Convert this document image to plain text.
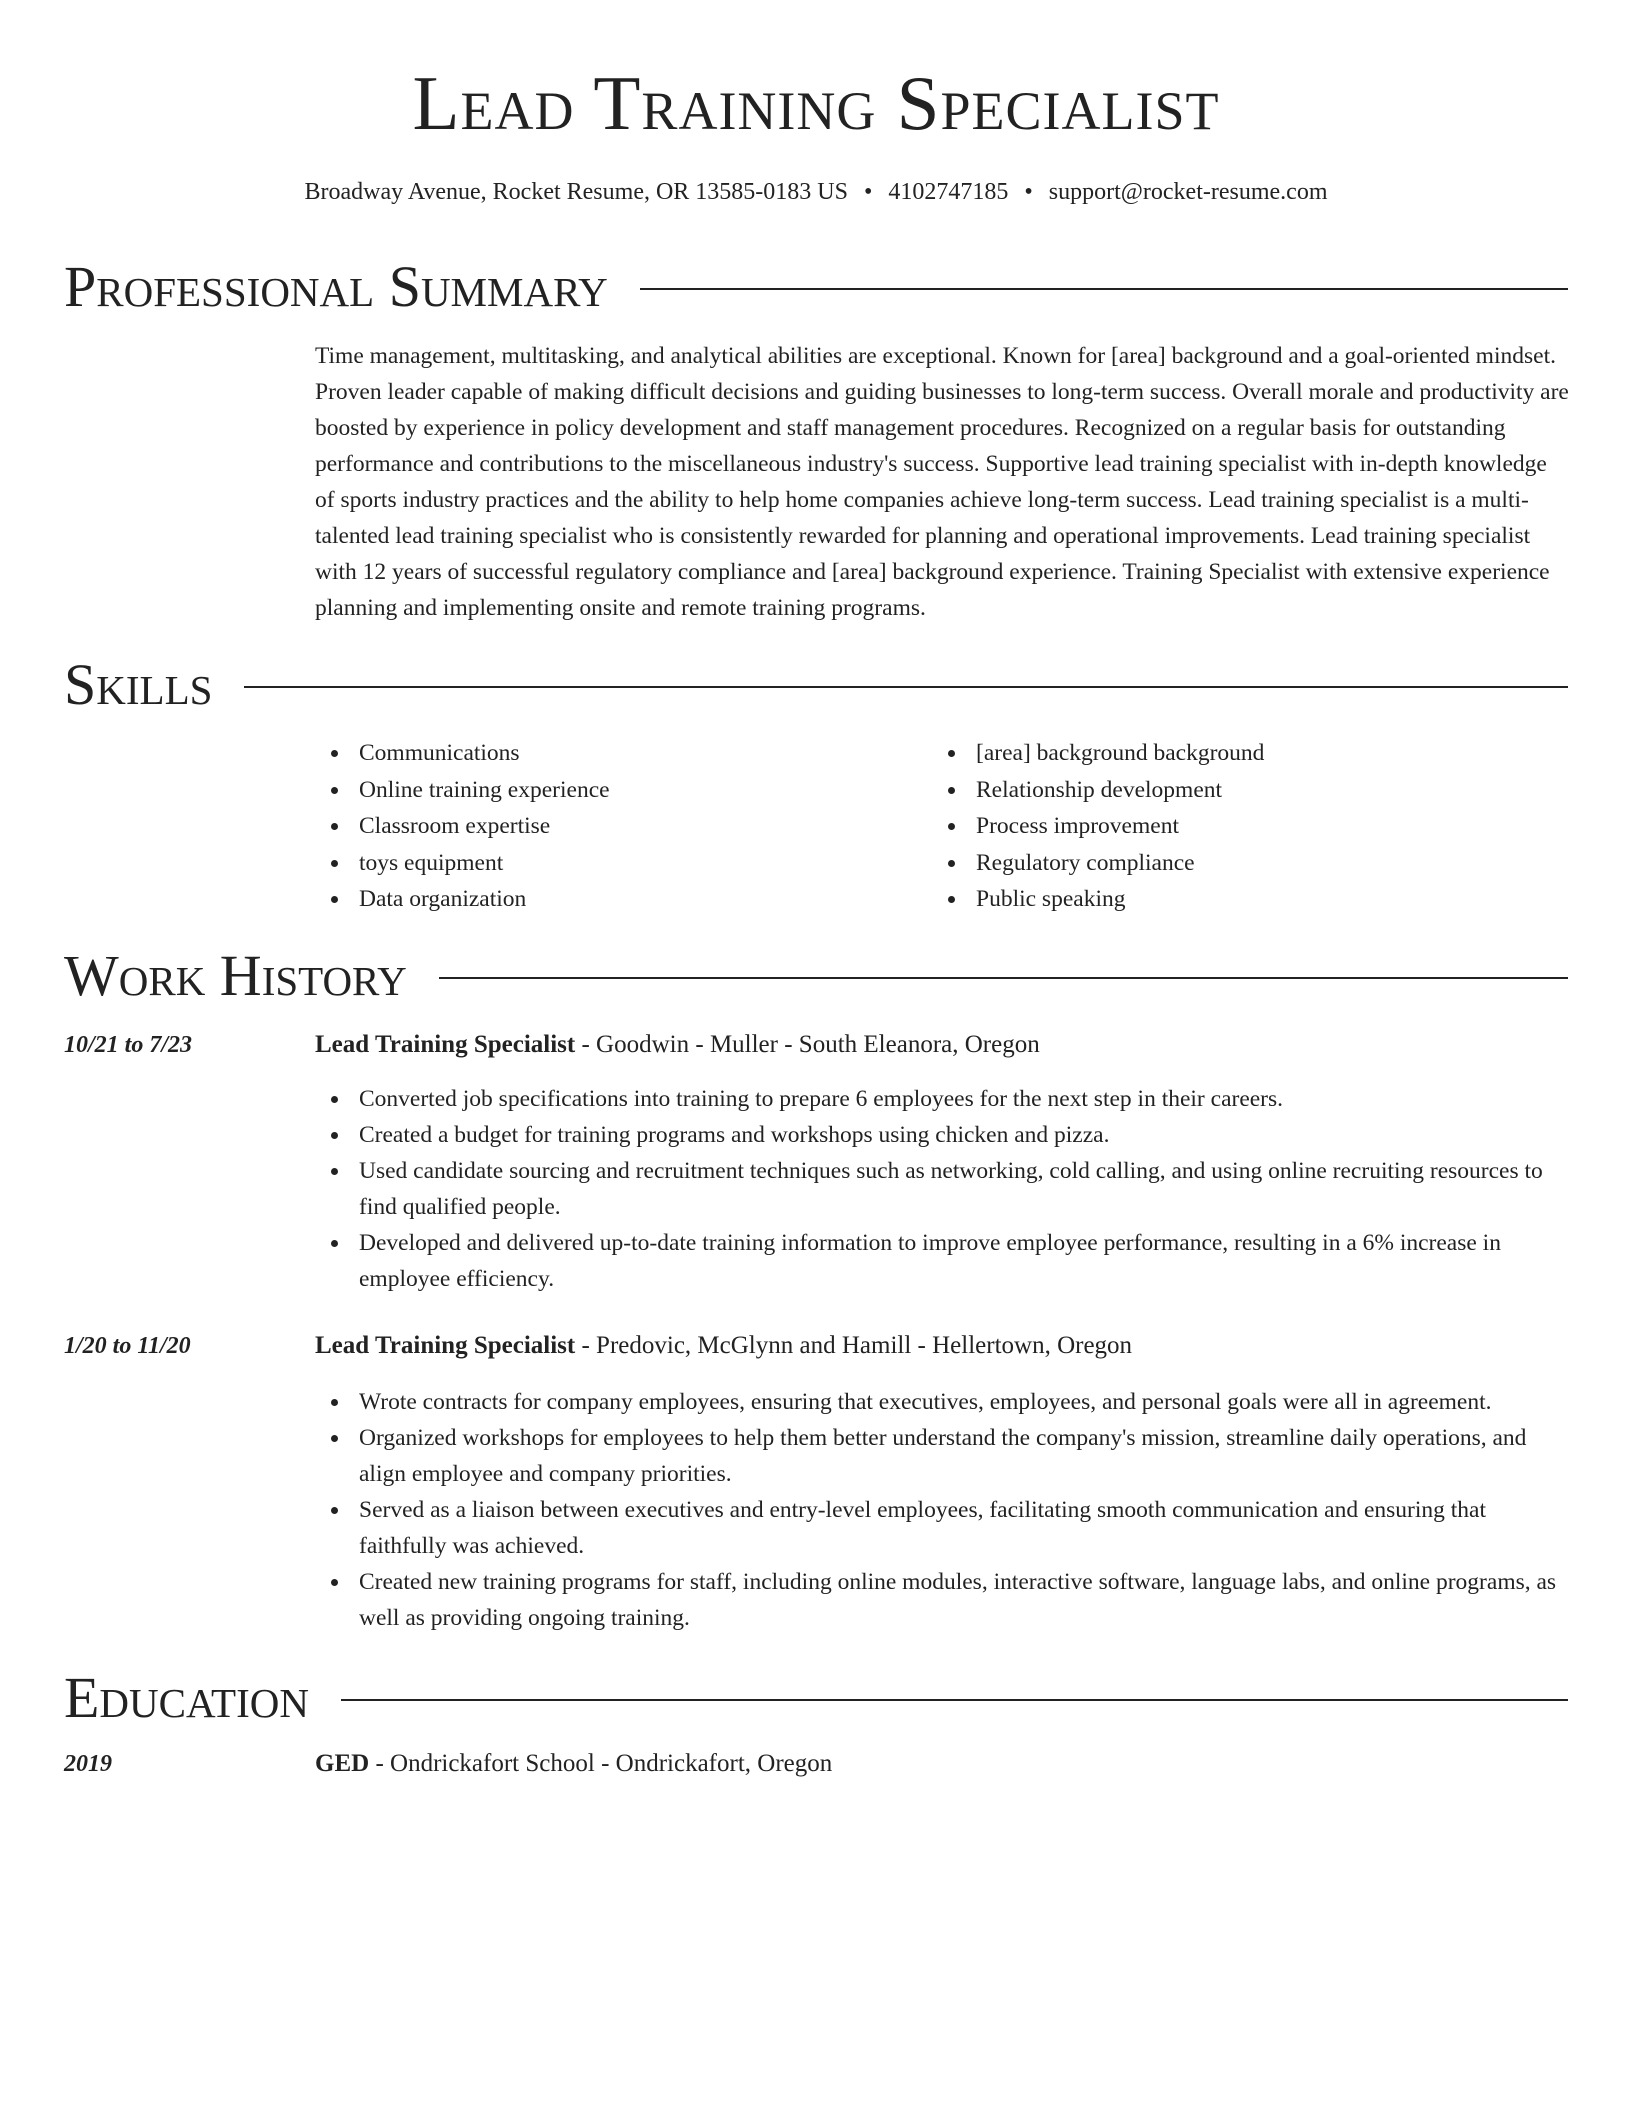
Lead Training Specialist
Broadway Avenue, Rocket Resume, OR 13585-0183 US • 4102747185 • support@rocket-resume.com
Professional Summary

Time management, multitasking, and analytical abilities are exceptional. Known for [area] background and a goal-oriented mindset. Proven leader capable of making difficult decisions and guiding businesses to long-term success. Overall morale and productivity are boosted by experience in policy development and staff management procedures. Recognized on a regular basis for outstanding performance and contributions to the miscellaneous industry's success. Supportive lead training specialist with in-depth knowledge of sports industry practices and the ability to help home companies achieve long-term success. Lead training specialist is a multi-talented lead training specialist who is consistently rewarded for planning and operational improvements. Lead training specialist with 12 years of successful regulatory compliance and [area] background experience. Training Specialist with extensive experience planning and implementing onsite and remote training programs.

Skills
Communications
Online training experience
Classroom expertise
toys equipment
Data organization
[area] background background
Relationship development
Process improvement
Regulatory compliance
Public speaking
Work History
10/21 to 7/23	Lead Training Specialist - Goodwin - Muller - South Eleanora, Oregon
Converted job specifications into training to prepare 6 employees for the next step in their careers.
Created a budget for training programs and workshops using chicken and pizza.
Used candidate sourcing and recruitment techniques such as networking, cold calling, and using online recruiting resources to find qualified people.
Developed and delivered up-to-date training information to improve employee performance, resulting in a 6% increase in employee efficiency.
1/20 to 11/20	Lead Training Specialist - Predovic, McGlynn and Hamill - Hellertown, Oregon
Wrote contracts for company employees, ensuring that executives, employees, and personal goals were all in agreement.
Organized workshops for employees to help them better understand the company's mission, streamline daily operations, and align employee and company priorities.
Served as a liaison between executives and entry-level employees, facilitating smooth communication and ensuring that faithfully was achieved.
Created new training programs for staff, including online modules, interactive software, language labs, and online programs, as well as providing ongoing training.
Education
2019	GED - Ondrickafort School - Ondrickafort, Oregon
